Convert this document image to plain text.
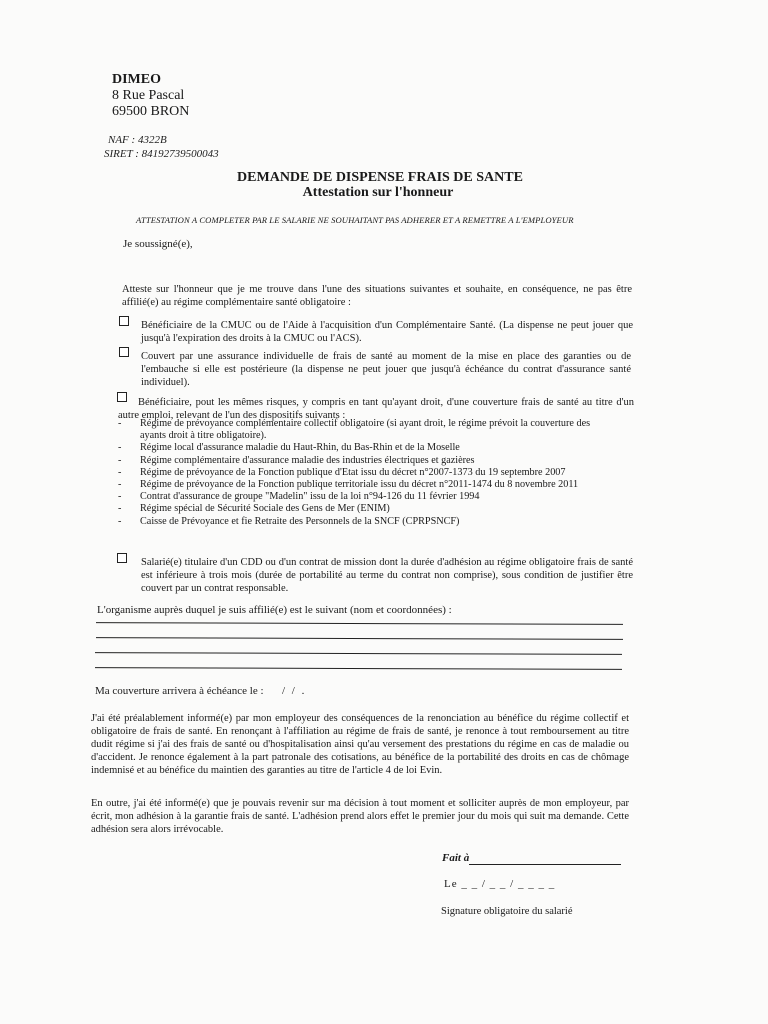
DIMEO
8 Rue Pascal
69500 BRON
NAF : 4322B
SIRET : 84192739500043
DEMANDE DE DISPENSE FRAIS DE SANTE
Attestation sur l'honneur
ATTESTATION A COMPLETER PAR LE SALARIE NE SOUHAITANT PAS ADHERER ET A REMETTRE A L'EMPLOYEUR
Je soussigné(e),
Atteste sur l'honneur que je me trouve dans l'une des situations suivantes et souhaite, en conséquence, ne pas être affilié(e) au régime complémentaire santé obligatoire :
Bénéficiaire de la CMUC ou de l'Aide à l'acquisition d'un Complémentaire Santé. (La dispense ne peut jouer que jusqu'à l'expiration des droits à la CMUC ou l'ACS).
Couvert par une assurance individuelle de frais de santé au moment de la mise en place des garanties ou de l'embauche si elle est postérieure (la dispense ne peut jouer que jusqu'à échéance du contrat d'assurance santé individuel).
Bénéficiaire, pout les mêmes risques, y compris en tant qu'ayant droit, d'une couverture frais de santé au titre d'un autre emploi, relevant de l'un des dispositifs suivants :
- Régime de prévoyance complémentaire collectif obligatoire (si ayant droit, le régime prévoit la couverture des
ayants droit à titre obligatoire).
- Régime local d'assurance maladie du Haut-Rhin, du Bas-Rhin et de la Moselle
- Régime complémentaire d'assurance maladie des industries électriques et gazières
- Régime de prévoyance de la Fonction publique d'Etat issu du décret n°2007-1373 du 19 septembre 2007
- Régime de prévoyance de la Fonction publique territoriale issu du décret n°2011-1474 du 8 novembre 2011
- Contrat d'assurance de groupe "Madelin" issu de la loi n°94-126 du 11 février 1994
- Régime spécial de Sécurité Sociale des Gens de Mer (ENIM)
- Caisse de Prévoyance et fie Retraite des Personnels de la SNCF (CPRPSNCF)
Salarié(e) titulaire d'un CDD ou d'un contrat de mission dont la durée d'adhésion au régime obligatoire frais de santé est inférieure à trois mois (durée de portabilité au terme du contrat non comprise), sous condition de justifier être couvert par un contrat responsable.
L'organisme auprès duquel je suis affilié(e) est le suivant (nom et coordonnées) :
Ma couverture arrivera à échéance le : / / .
J'ai été préalablement informé(e) par mon employeur des conséquences de la renonciation au bénéfice du régime collectif et obligatoire de frais de santé. En renonçant à l'affiliation au régime de frais de santé, je renonce à tout remboursement au titre dudit régime si j'ai des frais de santé ou d'hospitalisation ainsi qu'au versement des prestations du régime en cas de maladie ou d'accident. Je renonce également à la part patronale des cotisations, au bénéfice de la portabilité des droits en cas de chômage indemnisé et au bénéfice du maintien des garanties au titre de l'article 4 de loi Evin.
En outre, j'ai été informé(e) que je pouvais revenir sur ma décision à tout moment et solliciter auprès de mon employeur, par écrit, mon adhésion à la garantie frais de santé. L'adhésion prend alors effet le premier jour du mois qui suit ma demande. Cette adhésion sera alors irrévocable.
Fait à
Le _ _ / _ _ / _ _ _ _
Signature obligatoire du salarié
